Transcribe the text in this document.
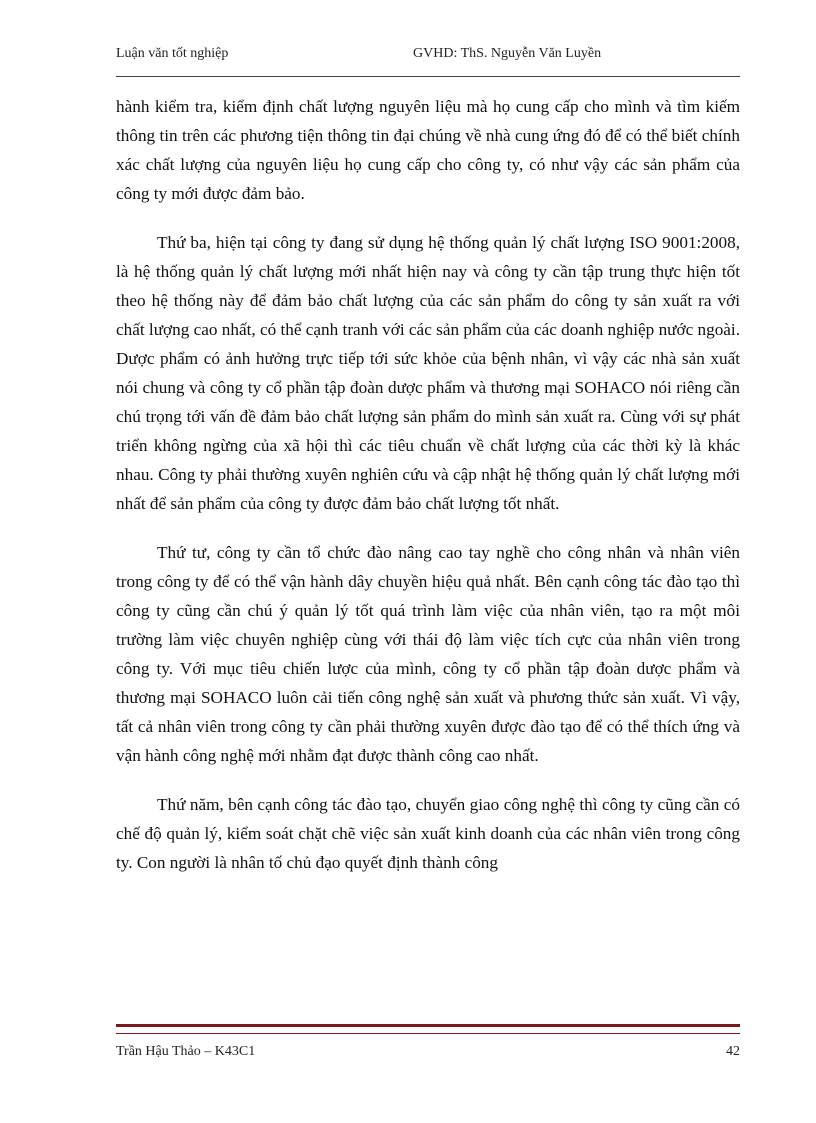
Luận văn tốt nghiệp	GVHD: ThS. Nguyễn Văn Luyền

hành kiểm tra, kiểm định chất lượng nguyên liệu mà họ cung cấp cho mình và tìm kiếm thông tin trên các phương tiện thông tin đại chúng về nhà cung ứng đó để có thể biết chính xác chất lượng của nguyên liệu họ cung cấp cho công ty, có như vậy các sản phẩm của công ty mới được đảm bảo.

Thứ ba, hiện tại công ty đang sử dụng hệ thống quản lý chất lượng ISO 9001:2008, là hệ thống quản lý chất lượng mới nhất hiện nay và công ty cần tập trung thực hiện tốt theo hệ thống này để đảm bảo chất lượng của các sản phẩm do công ty sản xuất ra với chất lượng cao nhất, có thể cạnh tranh với các sản phẩm của các doanh nghiệp nước ngoài. Dược phẩm có ảnh hưởng trực tiếp tới sức khỏe của bệnh nhân, vì vậy các nhà sản xuất nói chung và công ty cổ phần tập đoàn dược phẩm và thương mại SOHACO nói riêng cần chú trọng tới vấn đề đảm bảo chất lượng sản phẩm do mình sản xuất ra. Cùng với sự phát triển không ngừng của xã hội thì các tiêu chuẩn về chất lượng của các thời kỳ là khác nhau. Công ty phải thường xuyên nghiên cứu và cập nhật hệ thống quản lý chất lượng mới nhất để sản phẩm của công ty được đảm bảo chất lượng tốt nhất.

Thứ tư, công ty cần tổ chức đào nâng cao tay nghề cho công nhân và nhân viên trong công ty để có thể vận hành dây chuyền hiệu quả nhất. Bên cạnh công tác đào tạo thì công ty cũng cần chú ý quản lý tốt quá trình làm việc của nhân viên, tạo ra một môi trường làm việc chuyên nghiệp cùng với thái độ làm việc tích cực của nhân viên trong công ty. Với mục tiêu chiến lược của mình, công ty cổ phần tập đoàn dược phẩm và thương mại SOHACO luôn cải tiến công nghệ sản xuất và phương thức sản xuất. Vì vậy, tất cả nhân viên trong công ty cần phải thường xuyên được đào tạo để có thể thích ứng và vận hành công nghệ mới nhằm đạt được thành công cao nhất.

Thứ năm, bên cạnh công tác đào tạo, chuyển giao công nghệ thì công ty cũng cần có chế độ quản lý, kiểm soát chặt chẽ việc sản xuất kinh doanh của các nhân viên trong công ty. Con người là nhân tố chủ đạo quyết định thành công

Trần Hậu Thảo – K43C1	42
